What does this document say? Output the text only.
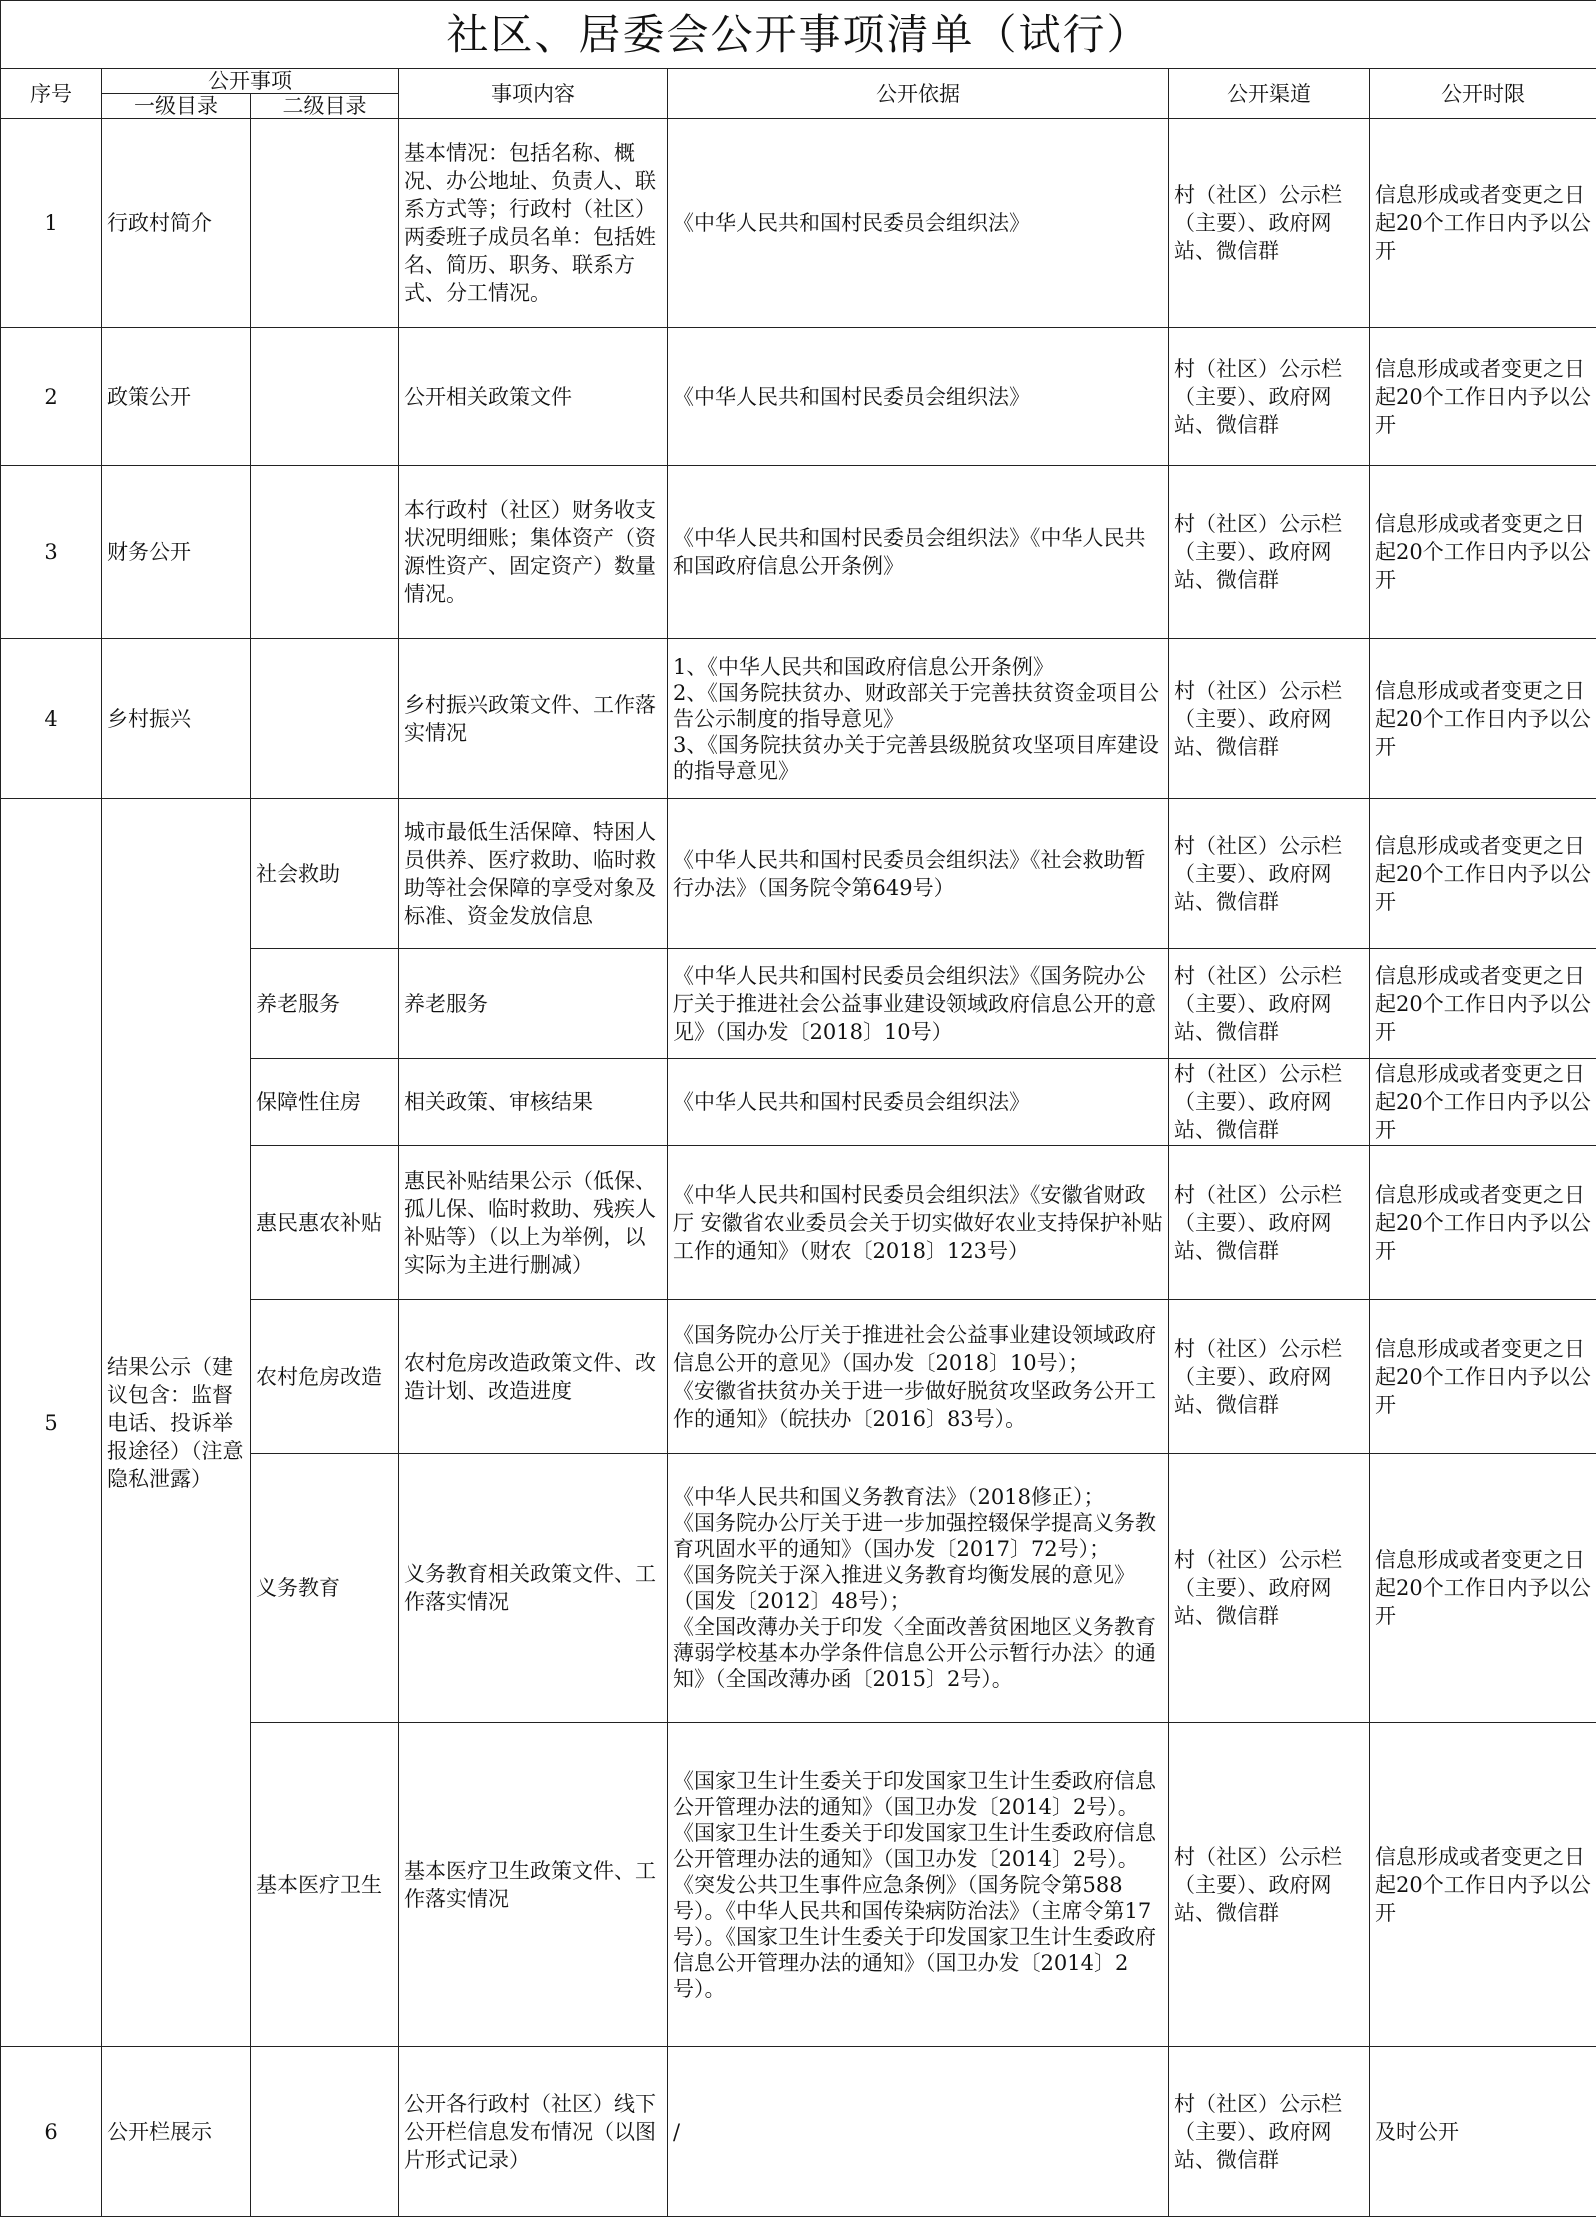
社区、居委会公开事项清单（试行）						
序号	公开事项		事项内容	公开依据	公开渠道	公开时限
	一级目录	二级目录				
1	行政村简介		基本情况：包括名称、概况、办公地址、负责人、联系方式等；行政村（社区）两委班子成员名单：包括姓名、简历、职务、联系方式、分工情况。	《中华人民共和国村民委员会组织法》	村（社区）公示栏（主要）、政府网站、微信群	信息形成或者变更之日起20个工作日内予以公开
2	政策公开		公开相关政策文件	《中华人民共和国村民委员会组织法》	村（社区）公示栏（主要）、政府网站、微信群	信息形成或者变更之日起20个工作日内予以公开
3	财务公开		本行政村（社区）财务收支状况明细账；集体资产（资源性资产、固定资产）数量情况。	《中华人民共和国村民委员会组织法》《中华人民共和国政府信息公开条例》	村（社区）公示栏（主要）、政府网站、微信群	信息形成或者变更之日起20个工作日内予以公开
4	乡村振兴		乡村振兴政策文件、工作落实情况	1、《中华人民共和国政府信息公开条例》
2、《国务院扶贫办、财政部关于完善扶贫资金项目公告公示制度的指导意见》
3、《国务院扶贫办关于完善县级脱贫攻坚项目库建设的指导意见》	村（社区）公示栏（主要）、政府网站、微信群	信息形成或者变更之日起20个工作日内予以公开
5	结果公示（建议包含：监督电话、投诉举报途径）（注意隐私泄露）	社会救助	城市最低生活保障、特困人员供养、医疗救助、临时救助等社会保障的享受对象及标准、资金发放信息	《中华人民共和国村民委员会组织法》《社会救助暂行办法》（国务院令第649号）	村（社区）公示栏（主要）、政府网站、微信群	信息形成或者变更之日起20个工作日内予以公开
		养老服务	养老服务	《中华人民共和国村民委员会组织法》《国务院办公厅关于推进社会公益事业建设领域政府信息公开的意见》（国办发〔2018〕10号）	村（社区）公示栏（主要）、政府网站、微信群	信息形成或者变更之日起20个工作日内予以公开
		保障性住房	相关政策、审核结果	《中华人民共和国村民委员会组织法》	村（社区）公示栏（主要）、政府网站、微信群	信息形成或者变更之日起20个工作日内予以公开
		惠民惠农补贴	惠民补贴结果公示（低保、孤儿保、临时救助、残疾人补贴等）（以上为举例，以实际为主进行删减）	《中华人民共和国村民委员会组织法》《安徽省财政厅 安徽省农业委员会关于切实做好农业支持保护补贴工作的通知》（财农〔2018〕123号）	村（社区）公示栏（主要）、政府网站、微信群	信息形成或者变更之日起20个工作日内予以公开
		农村危房改造	农村危房改造政策文件、改造计划、改造进度	《国务院办公厅关于推进社会公益事业建设领域政府信息公开的意见》（国办发〔2018〕10号）；
《安徽省扶贫办关于进一步做好脱贫攻坚政务公开工作的通知》（皖扶办〔2016〕83号）。	村（社区）公示栏（主要）、政府网站、微信群	信息形成或者变更之日起20个工作日内予以公开
		义务教育	义务教育相关政策文件、工作落实情况	《中华人民共和国义务教育法》（2018修正）；
《国务院办公厅关于进一步加强控辍保学提高义务教育巩固水平的通知》（国办发〔2017〕72号）；
《国务院关于深入推进义务教育均衡发展的意见》（国发〔2012〕48号）；
《全国改薄办关于印发〈全面改善贫困地区义务教育薄弱学校基本办学条件信息公开公示暂行办法〉的通知》（全国改薄办函〔2015〕2号）。	村（社区）公示栏（主要）、政府网站、微信群	信息形成或者变更之日起20个工作日内予以公开
		基本医疗卫生	基本医疗卫生政策文件、工作落实情况	《国家卫生计生委关于印发国家卫生计生委政府信息公开管理办法的通知》（国卫办发〔2014〕2号）。《国家卫生计生委关于印发国家卫生计生委政府信息公开管理办法的通知》（国卫办发〔2014〕2号）。《突发公共卫生事件应急条例》（国务院令第588号）。《中华人民共和国传染病防治法》（主席令第17号）。《国家卫生计生委关于印发国家卫生计生委政府信息公开管理办法的通知》（国卫办发〔2014〕2号）。	村（社区）公示栏（主要）、政府网站、微信群	信息形成或者变更之日起20个工作日内予以公开
6	公开栏展示		公开各行政村（社区）线下公开栏信息发布情况（以图片形式记录）	/	村（社区）公示栏（主要）、政府网站、微信群	及时公开
